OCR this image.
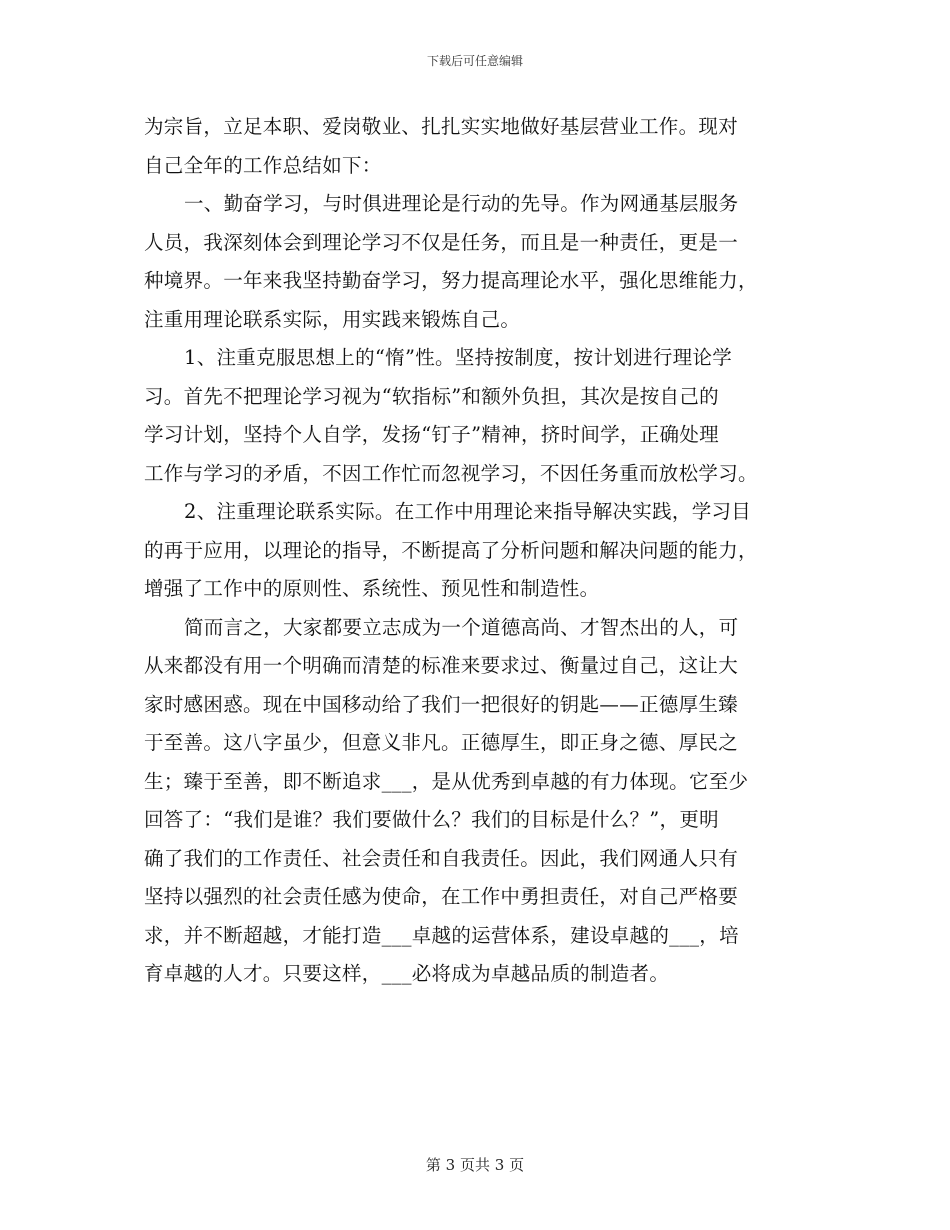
下载后可任意编辑
为宗旨，立足本职、爱岗敬业、扎扎实实地做好基层营业工作。现对
自己全年的工作总结如下：
一、勤奋学习，与时俱进理论是行动的先导。作为网通基层服务
人员，我深刻体会到理论学习不仅是任务，而且是一种责任，更是一
种境界。一年来我坚持勤奋学习，努力提高理论水平，强化思维能力，
注重用理论联系实际，用实践来锻炼自己。
1、注重克服思想上的“惰”性。坚持按制度，按计划进行理论学
习。首先不把理论学习视为“软指标”和额外负担，其次是按自己的
学习计划，坚持个人自学，发扬“钉子”精神，挤时间学，正确处理
工作与学习的矛盾，不因工作忙而忽视学习，不因任务重而放松学习。
2、注重理论联系实际。在工作中用理论来指导解决实践，学习目
的再于应用，以理论的指导，不断提高了分析问题和解决问题的能力，
增强了工作中的原则性、系统性、预见性和制造性。
简而言之，大家都要立志成为一个道德高尚、才智杰出的人，可
从来都没有用一个明确而清楚的标准来要求过、衡量过自己，这让大
家时感困惑。现在中国移动给了我们一把很好的钥匙——正德厚生臻
于至善。这八字虽少，但意义非凡。正德厚生，即正身之德、厚民之
生；臻于至善，即不断追求___，是从优秀到卓越的有力体现。它至少
回答了：“我们是谁？我们要做什么？我们的目标是什么？”，更明
确了我们的工作责任、社会责任和自我责任。因此，我们网通人只有
坚持以强烈的社会责任感为使命，在工作中勇担责任，对自己严格要
求，并不断超越，才能打造___卓越的运营体系，建设卓越的___，培
育卓越的人才。只要这样，___必将成为卓越品质的制造者。
第 3 页共 3 页
